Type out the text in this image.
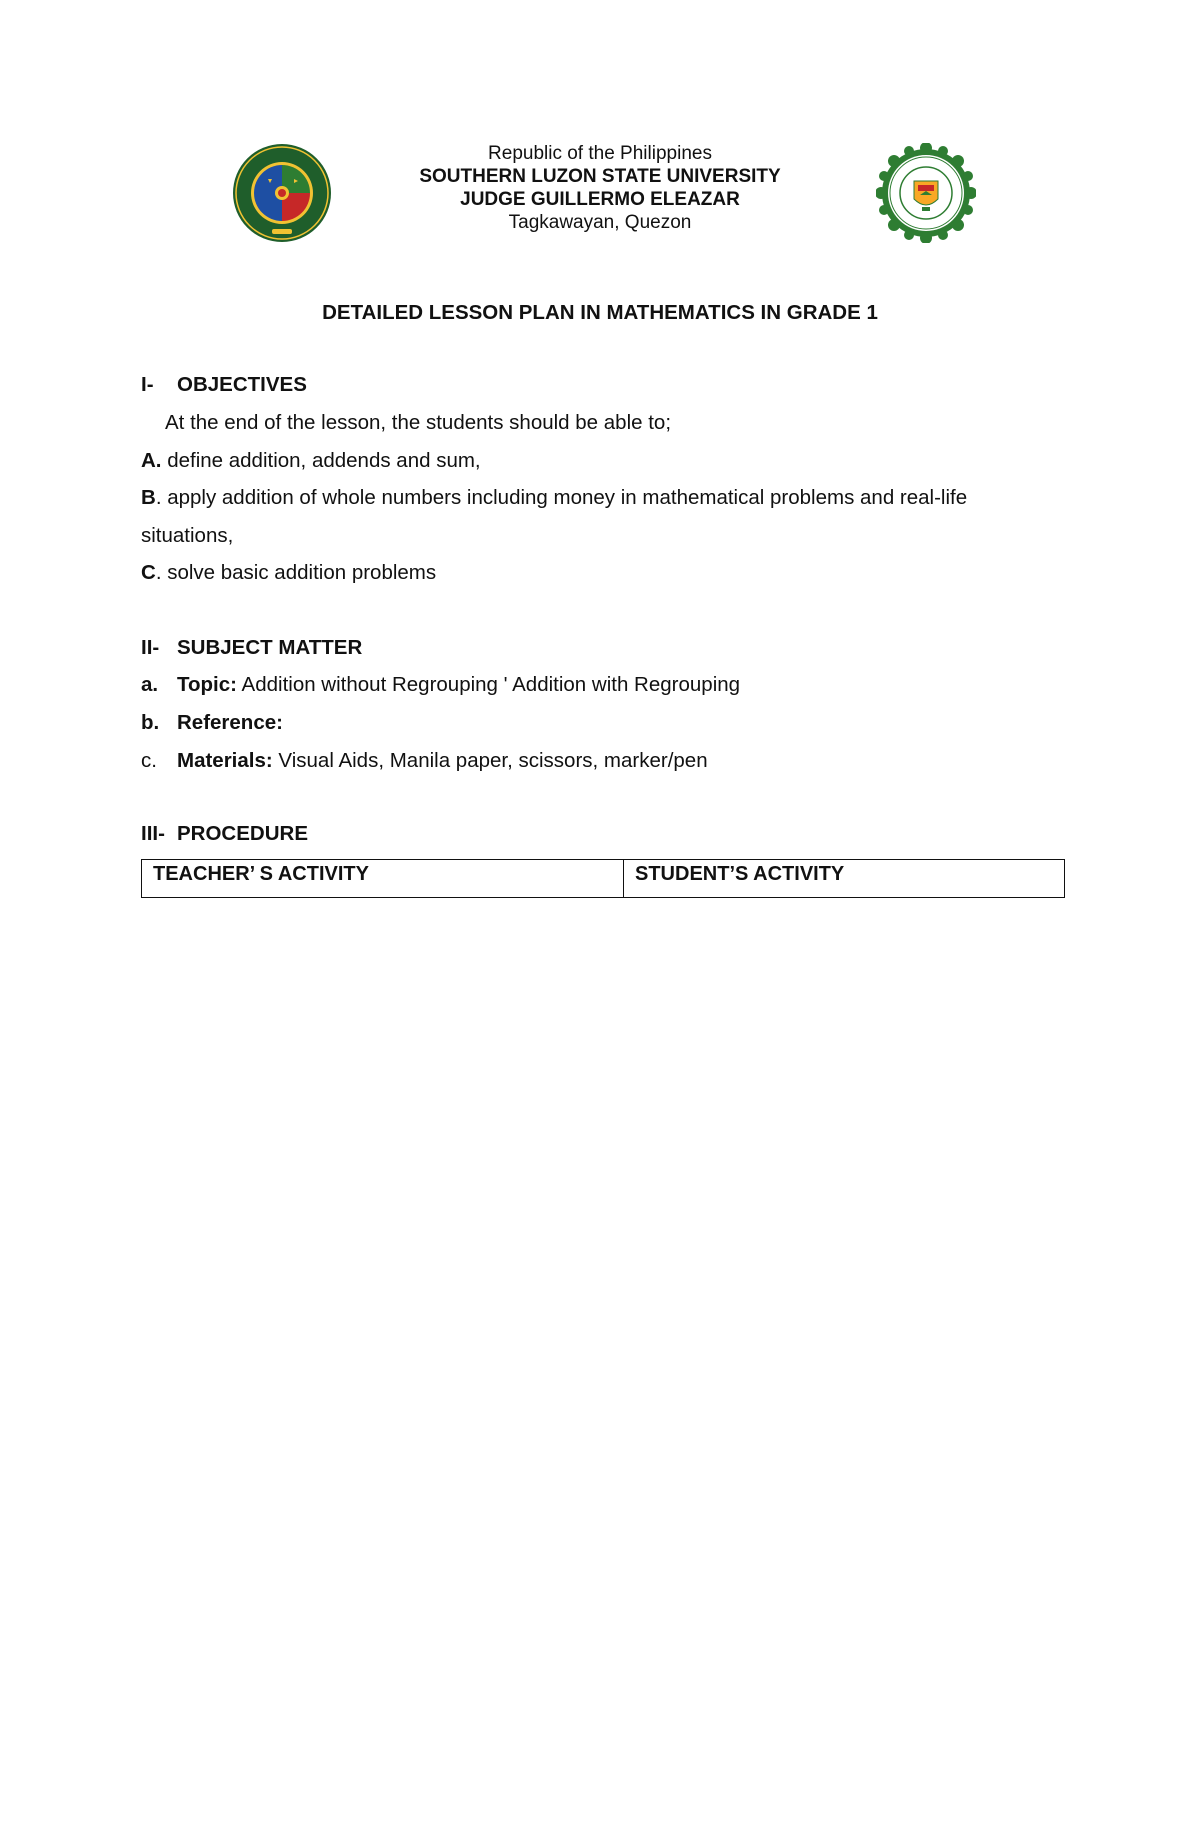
Republic of the Philippines
SOUTHERN LUZON STATE UNIVERSITY
JUDGE GUILLERMO ELEAZAR
Tagkawayan, Quezon
DETAILED LESSON PLAN IN MATHEMATICS IN GRADE 1
I- OBJECTIVES
At the end of the lesson, the students should be able to;
A. define addition, addends and sum,
B. apply addition of whole numbers including money in mathematical problems and real-life
situations,
C. solve basic addition problems
II- SUBJECT MATTER
a. Topic: Addition without Regrouping ' Addition with Regrouping
b. Reference:
c. Materials: Visual Aids, Manila paper, scissors, marker/pen
III- PROCEDURE
TEACHER’ S ACTIVITY	STUDENT’S ACTIVITY
